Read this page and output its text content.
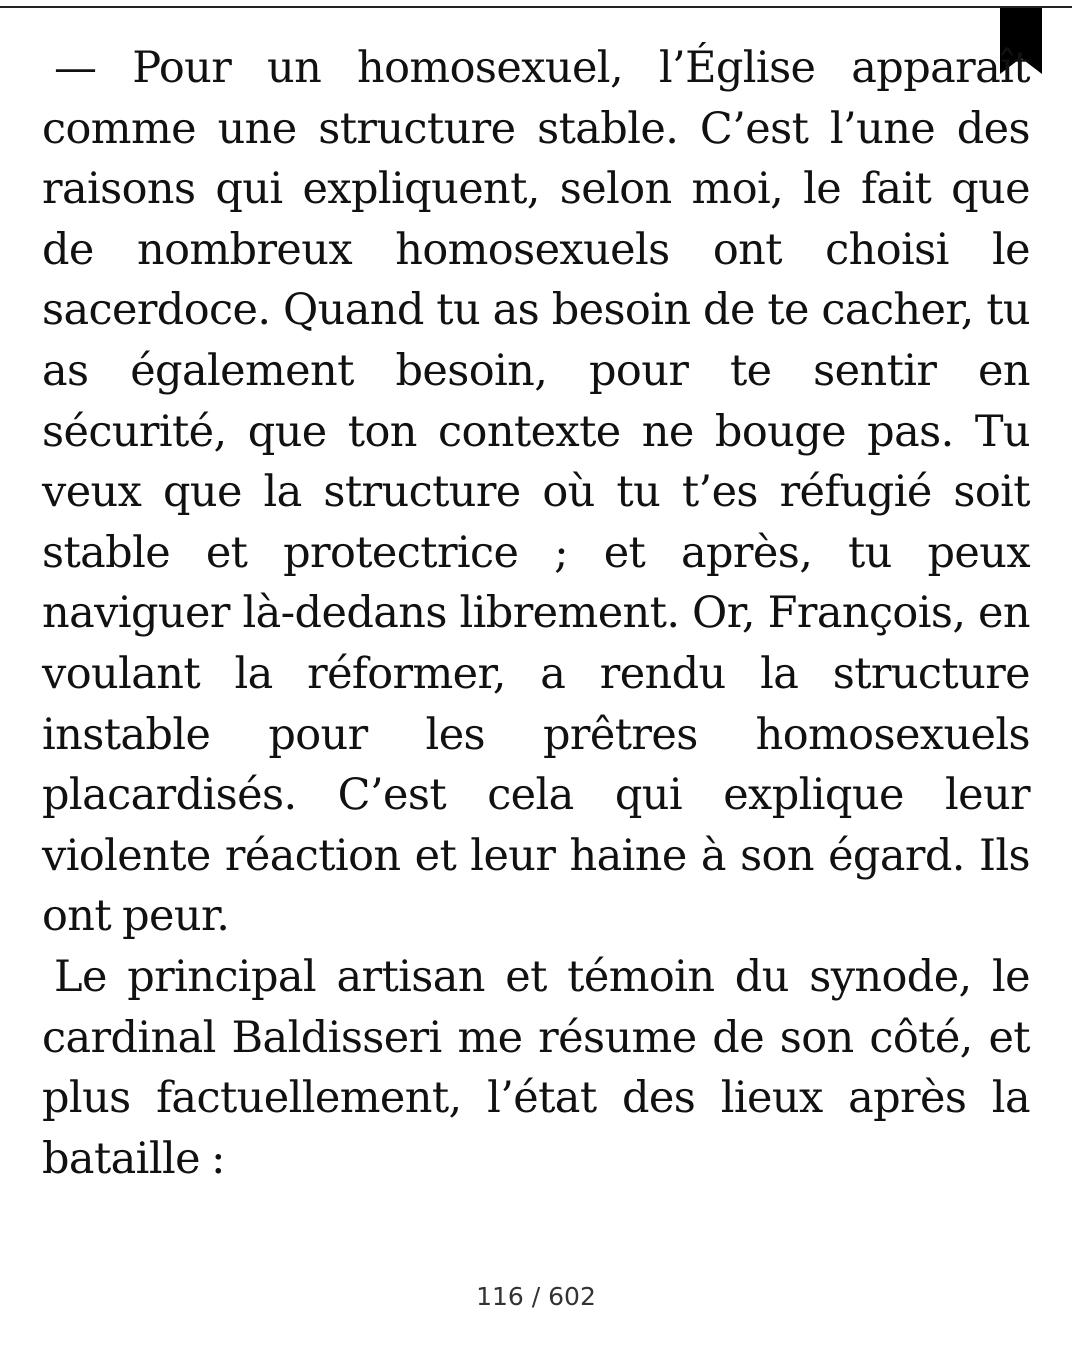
— Pour un homosexuel, l’Église apparaît comme une structure stable. C’est l’une des raisons qui expliquent, selon moi, le fait que de nombreux homosexuels ont choisi le sacerdoce. Quand tu as besoin de te cacher, tu as également besoin, pour te sentir en sécurité, que ton contexte ne bouge pas. Tu veux que la structure où tu t’es réfugié soit stable et protectrice ; et après, tu peux naviguer là-dedans librement. Or, François, en voulant la réformer, a rendu la structure instable pour les prêtres homosexuels placardisés. C’est cela qui explique leur violente réaction et leur haine à son égard. Ils ont peur.

Le principal artisan et témoin du synode, le cardinal Baldisseri me résume de son côté, et plus factuellement, l’état des lieux après la bataille :

116 / 602
